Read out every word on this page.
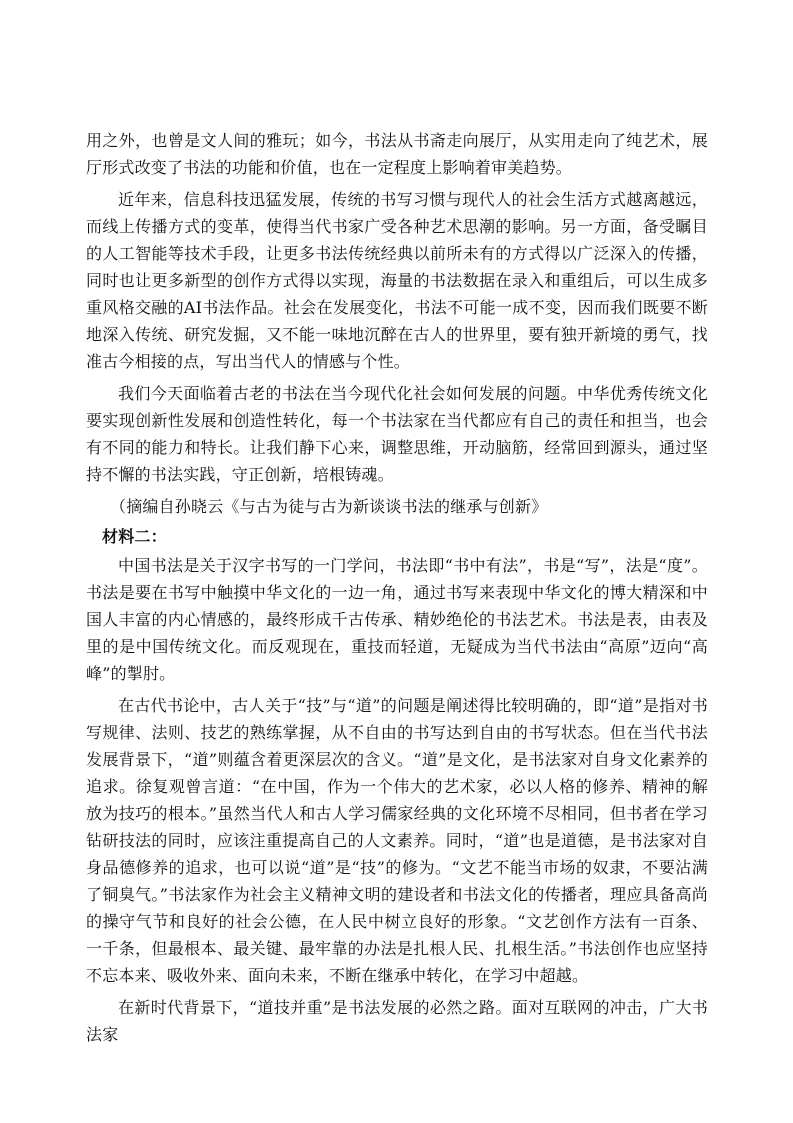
用之外，也曾是文人间的雅玩；如今，书法从书斋走向展厅，从实用走向了纯艺术，展厅形式改变了书法的功能和价值，也在一定程度上影响着审美趋势。

近年来，信息科技迅猛发展，传统的书写习惯与现代人的社会生活方式越离越远，而线上传播方式的变革，使得当代书家广受各种艺术思潮的影响。另一方面，备受瞩目的人工智能等技术手段，让更多书法传统经典以前所未有的方式得以广泛深入的传播，同时也让更多新型的创作方式得以实现，海量的书法数据在录入和重组后，可以生成多重风格交融的AI书法作品。社会在发展变化，书法不可能一成不变，因而我们既要不断地深入传统、研究发掘，又不能一味地沉醉在古人的世界里，要有独开新境的勇气，找准古今相接的点，写出当代人的情感与个性。

我们今天面临着古老的书法在当今现代化社会如何发展的问题。中华优秀传统文化要实现创新性发展和创造性转化，每一个书法家在当代都应有自己的责任和担当，也会有不同的能力和特长。让我们静下心来，调整思维，开动脑筋，经常回到源头，通过坚持不懈的书法实践，守正创新，培根铸魂。

（摘编自孙晓云《与古为徒与古为新谈谈书法的继承与创新》

材料二：

中国书法是关于汉字书写的一门学问，书法即“书中有法”，书是“写”，法是“度”。书法是要在书写中触摸中华文化的一边一角，通过书写来表现中华文化的博大精深和中国人丰富的内心情感的，最终形成千古传承、精妙绝伦的书法艺术。书法是表，由表及里的是中国传统文化。而反观现在，重技而轻道，无疑成为当代书法由“高原”迈向“高峰”的掣肘。

在古代书论中，古人关于“技”与“道”的问题是阐述得比较明确的，即“道”是指对书写规律、法则、技艺的熟练掌握，从不自由的书写达到自由的书写状态。但在当代书法发展背景下，“道”则蕴含着更深层次的含义。“道”是文化，是书法家对自身文化素养的追求。徐复观曾言道：“在中国，作为一个伟大的艺术家，必以人格的修养、精神的解放为技巧的根本。”虽然当代人和古人学习儒家经典的文化环境不尽相同，但书者在学习钻研技法的同时，应该注重提高自己的人文素养。同时，“道”也是道德，是书法家对自身品德修养的追求，也可以说“道”是“技”的修为。“文艺不能当市场的奴隶，不要沾满了铜臭气。”书法家作为社会主义精神文明的建设者和书法文化的传播者，理应具备高尚的操守气节和良好的社会公德，在人民中树立良好的形象。“文艺创作方法有一百条、一千条，但最根本、最关键、最牢靠的办法是扎根人民、扎根生活。”书法创作也应坚持不忘本来、吸收外来、面向未来，不断在继承中转化，在学习中超越。

在新时代背景下，“道技并重”是书法发展的必然之路。面对互联网的冲击，广大书法家
